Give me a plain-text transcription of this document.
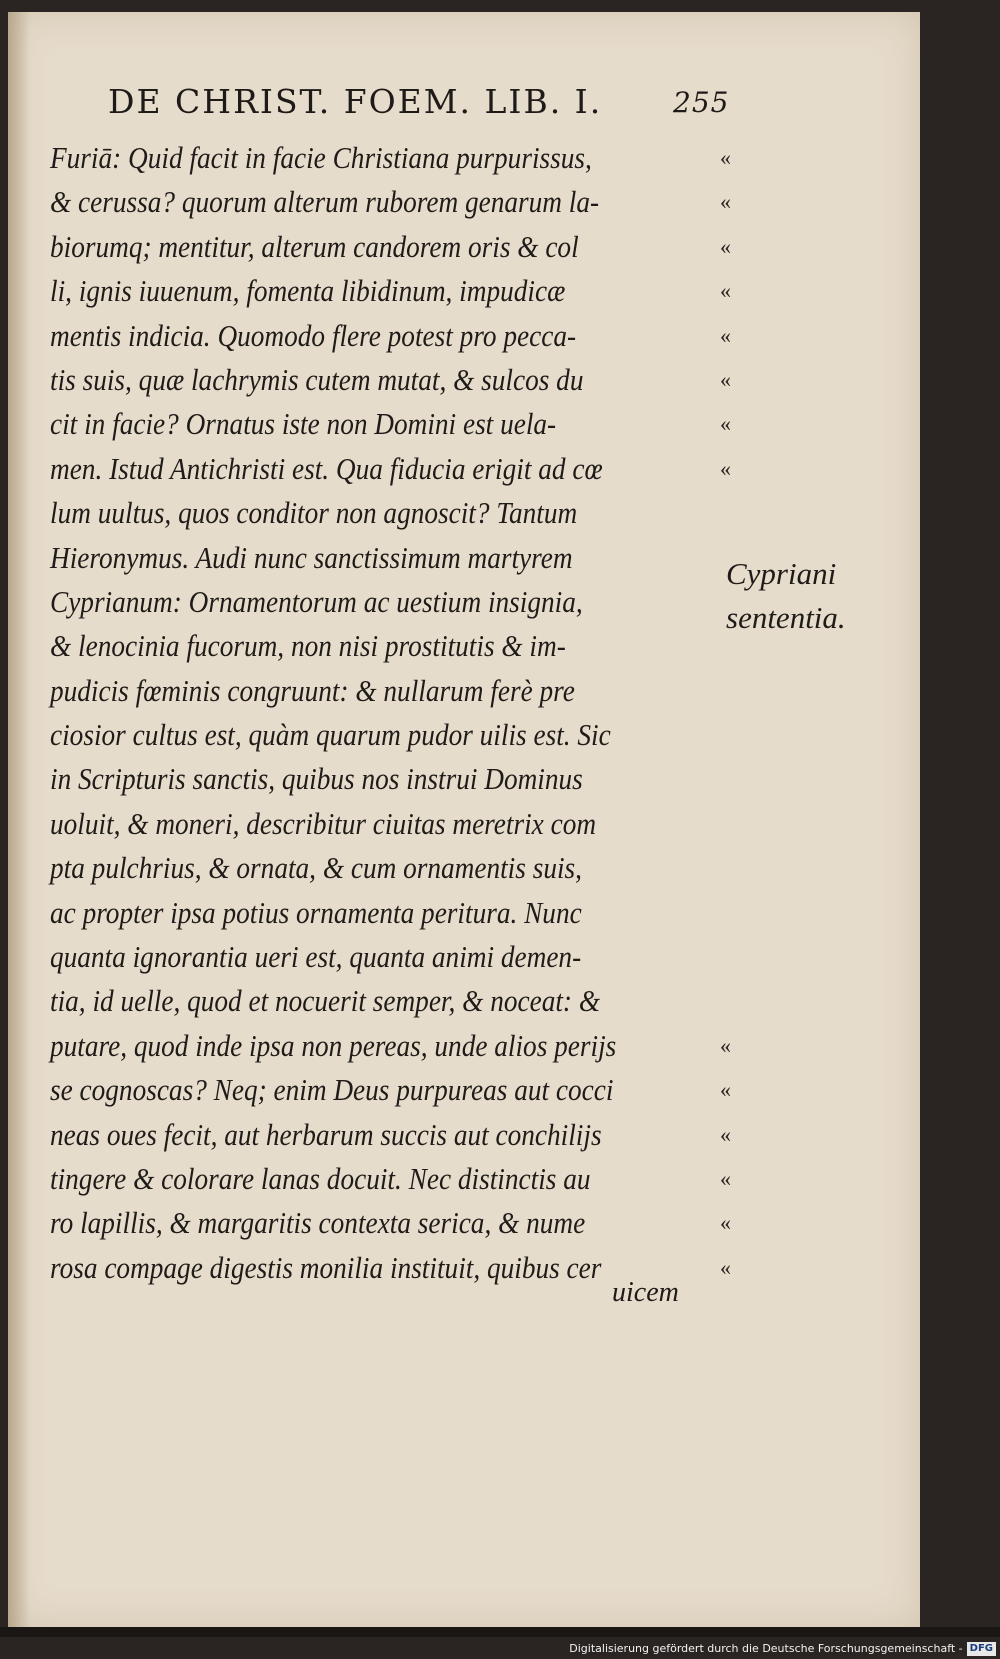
DE CHRIST. FOEM. LIB. I.	255
Furiā: Quid facit in facie Christiana purpurissus,	«
& cerussa? quorum alterum ruborem genarum la-	«
biorumq; mentitur, alterum candorem oris & col	«
li, ignis iuuenum, fomenta libidinum, impudicæ	«
mentis indicia. Quomodo flere potest pro pecca-	«
tis suis, quæ lachrymis cutem mutat, & sulcos du	«
cit in facie? Ornatus iste non Domini est uela-	«
men. Istud Antichristi est. Qua fiducia erigit ad cœ	«
lum uultus, quos conditor non agnoscit? Tantum
Hieronymus. Audi nunc sanctissimum martyrem
Cyprianum: Ornamentorum ac uestium insignia,
& lenocinia fucorum, non nisi prostitutis & im-
pudicis fœminis congruunt: & nullarum ferè pre
ciosior cultus est, quàm quarum pudor uilis est. Sic
in Scripturis sanctis, quibus nos instrui Dominus
uoluit, & moneri, describitur ciuitas meretrix com
pta pulchrius, & ornata, & cum ornamentis suis,
ac propter ipsa potius ornamenta peritura. Nunc
quanta ignorantia ueri est, quanta animi demen-
tia, id uelle, quod et nocuerit semper, & noceat: &
putare, quod inde ipsa non pereas, unde alios perijs	«
se cognoscas? Neq; enim Deus purpureas aut cocci	«
neas oues fecit, aut herbarum succis aut conchilijs	«
tingere & colorare lanas docuit. Nec distinctis au	«
ro lapillis, & margaritis contexta serica, & nume	«
rosa compage digestis monilia instituit, quibus cer	«
Cypriani
sententia.
uicem
Digitalisierung gefördert durch die Deutsche Forschungsgemeinschaft - DFG
